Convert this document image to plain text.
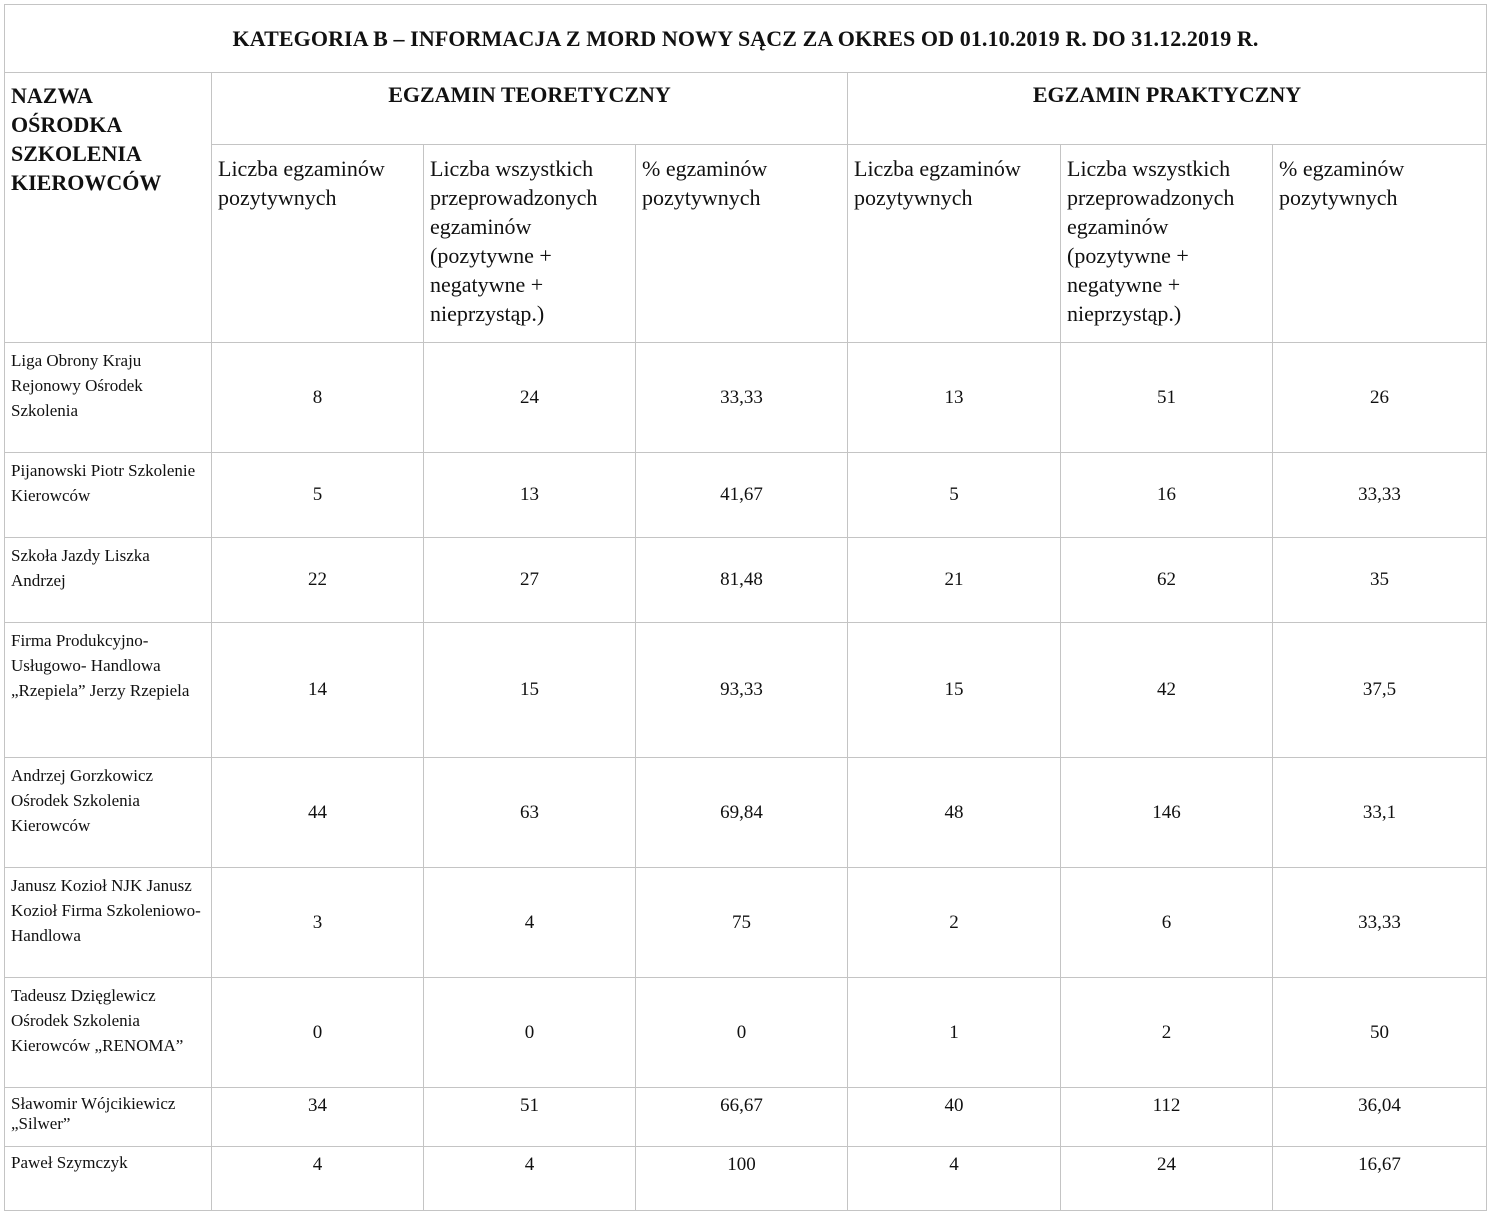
KATEGORIA B – INFORMACJA Z MORD NOWY SĄCZ ZA OKRES OD 01.10.2019 R. DO 31.12.2019 R.						
NAZWA OŚRODKA SZKOLENIA KIEROWCÓW	EGZAMIN TEORETYCZNY			EGZAMIN PRAKTYCZNY		
	Liczba egzaminów pozytywnych	Liczba wszystkich przeprowadzonych egzaminów (pozytywne + negatywne + nieprzystąp.)	% egzaminów pozytywnych	Liczba egzaminów pozytywnych	Liczba wszystkich przeprowadzonych egzaminów (pozytywne + negatywne + nieprzystąp.)	% egzaminów pozytywnych
Liga Obrony Kraju Rejonowy Ośrodek Szkolenia	8	24	33,33	13	51	26
Pijanowski Piotr Szkolenie Kierowców	5	13	41,67	5	16	33,33
Szkoła Jazdy Liszka Andrzej	22	27	81,48	21	62	35
Firma Produkcyjno-Usługowo- Handlowa „Rzepiela” Jerzy Rzepiela	14	15	93,33	15	42	37,5
Andrzej Gorzkowicz Ośrodek Szkolenia Kierowców	44	63	69,84	48	146	33,1
Janusz Kozioł NJK Janusz Kozioł Firma Szkoleniowo-Handlowa	3	4	75	2	6	33,33
Tadeusz Dzięglewicz Ośrodek Szkolenia Kierowców „RENOMA”	0	0	0	1	2	50
Sławomir Wójcikiewicz „Silwer”	34	51	66,67	40	112	36,04
Paweł Szymczyk	4	4	100	4	24	16,67
